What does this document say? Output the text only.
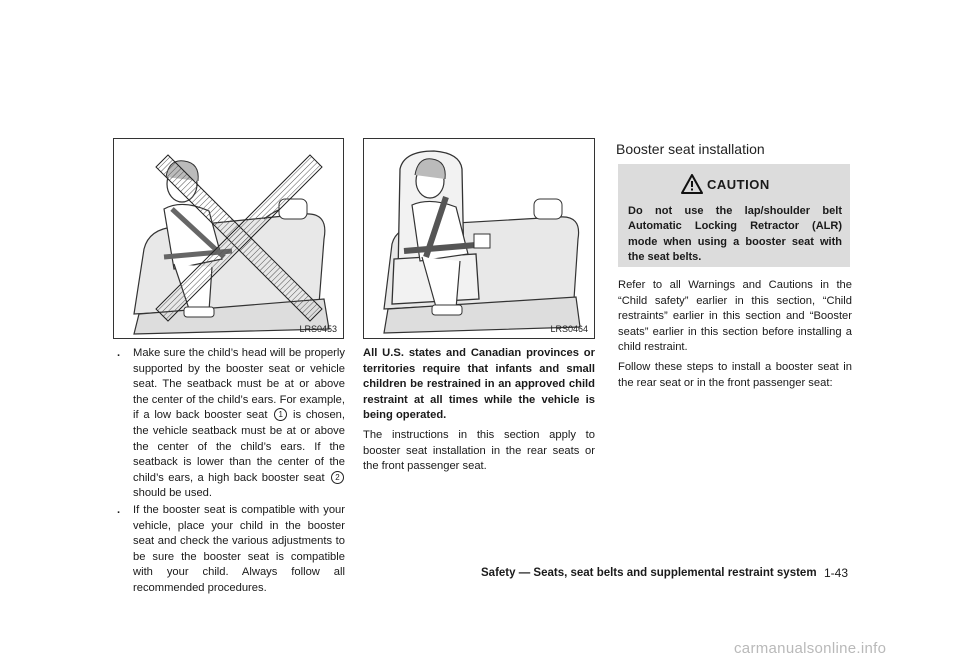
LRS0453	LRS0464
. Make sure the child’s head will be properly supported by the booster seat or vehicle seat. The seatback must be at or above the center of the child’s ears. For example, if a low back booster seat 1 is chosen, the vehicle seatback must be at or above the center of the child’s ears. If the seatback is lower than the center of the child’s ears, a high back booster seat 2 should be used.

. If the booster seat is compatible with your vehicle, place your child in the booster seat and check the various adjustments to be sure the booster seat is compatible with your child. Always follow all recommended procedures.

All U.S. states and Canadian provinces or territories require that infants and small children be restrained in an approved child restraint at all times while the vehicle is being operated.

The instructions in this section apply to booster seat installation in the rear seats or the front passenger seat.

Booster seat installation
CAUTION
Do not use the lap/shoulder belt Automatic Locking Retractor (ALR) mode when using a booster seat with the seat belts.

Refer to all Warnings and Cautions in the “Child safety” earlier in this section, “Child restraints” earlier in this section and “Booster seats” earlier in this section before installing a child restraint.

Follow these steps to install a booster seat in the rear seat or in the front passenger seat:

Safety — Seats, seat belts and supplemental restraint system 1-43
carmanualsonline.info
